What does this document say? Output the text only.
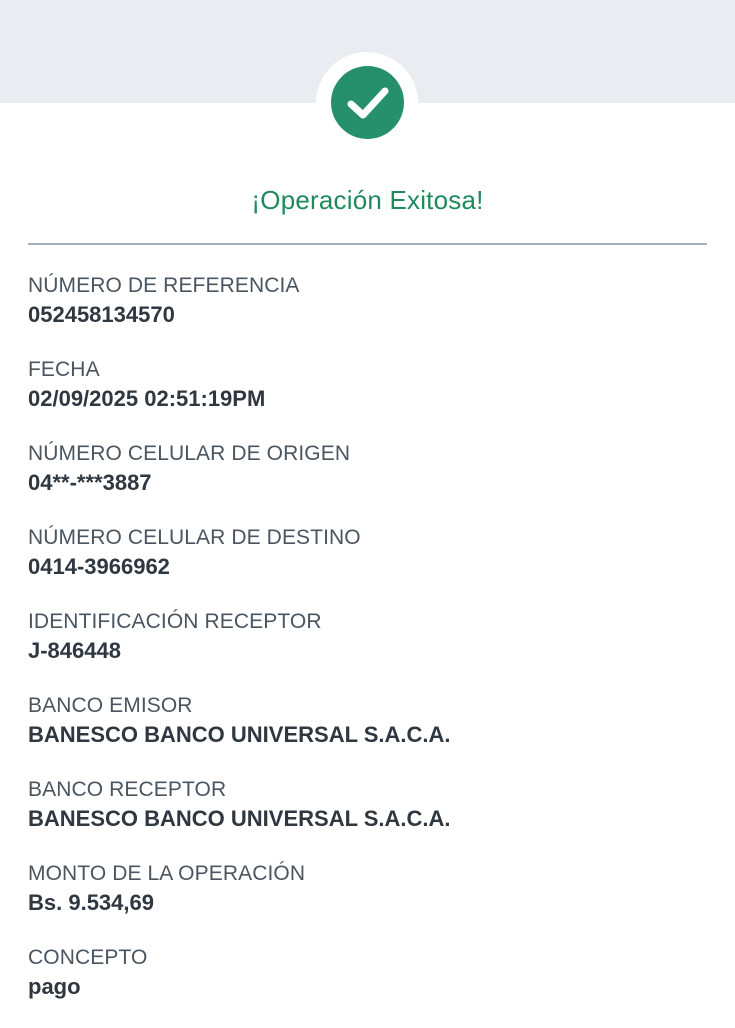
¡Operación Exitosa!
NÚMERO DE REFERENCIA
052458134570
FECHA
02/09/2025 02:51:19PM
NÚMERO CELULAR DE ORIGEN
04**-***3887
NÚMERO CELULAR DE DESTINO
0414-3966962
IDENTIFICACIÓN RECEPTOR
J-846448
BANCO EMISOR
BANESCO BANCO UNIVERSAL S.A.C.A.
BANCO RECEPTOR
BANESCO BANCO UNIVERSAL S.A.C.A.
MONTO DE LA OPERACIÓN
Bs. 9.534,69
CONCEPTO
pago
